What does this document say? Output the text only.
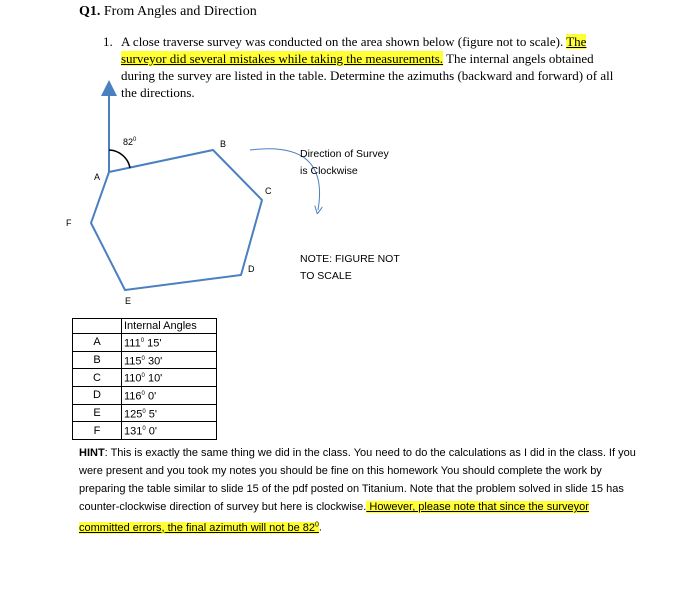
Q1. From Angles and Direction
1. A close traverse survey was conducted on the area shown below (figure not to scale). The surveyor did several mistakes while taking the measurements. The internal angels obtained during the survey are listed in the table. Determine the azimuths (backward and forward) of all the directions.
$82^0$
A
B
C
D
E
F
Direction of Survey
is Clockwise
NOTE: FIGURE NOT
TO SCALE
	Internal Angles
A	$111^0$ 15'
B	$115^0$ 30'
C	$110^0$ 10'
D	$116^0$ 0'
E	$125^0$ 5'
F	$131^0$ 0'
HINT: This is exactly the same thing we did in the class. You need to do the calculations as I did in the class. If you were present and you took my notes you should be fine on this homework You should complete the work by preparing the table similar to slide 15 of the pdf posted on Titanium. Note that the problem solved in slide 15 has counter-clockwise direction of survey but here is clockwise. However, please note that since the surveyor committed errors, the final azimuth will not be $82^0$.
